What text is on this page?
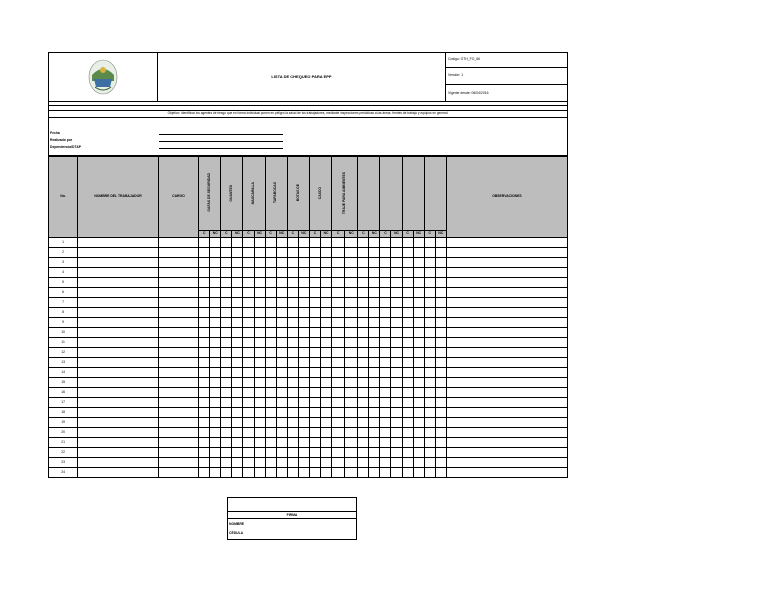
LISTA DE CHEQUEO PARA EPP
Código: GTH_FO_66
Versión: 1
Vigente desde: 06/04/2016
Objetivo: Identificar los agentes de riesgo que en forma individual ponen en peligro la salud de los trabajadores, mediante inspecciones periódicas a las áreas, frentes de trabajo y equipos en general.
Fecha
Realizado por
Dependencia/DTAP
No.	NOMBRE DEL TRABAJADOR	CARGO	GAFAS DE SEGURIDAD		GUANTES		MASCARILLA		TAPABOCAS		BOTAS DE		CASCO		TRAJE PARA AMBIENTES										OBSERVACIONES
			C	NC	C	NC	C	NC	C	NC	C	NC	C	NC	C	NC	C	NC	C	NC	C	NC	C	NC	
1																									
2																									
3																									
4																									
5																									
6																									
7																									
8																									
9																									
10																									
11																									
12																									
13																									
14																									
15																									
16																									
17																									
18																									
19																									
20																									
21																									
22																									
23																									
24																									
FIRMA
NOMBRE
CÉDULA
